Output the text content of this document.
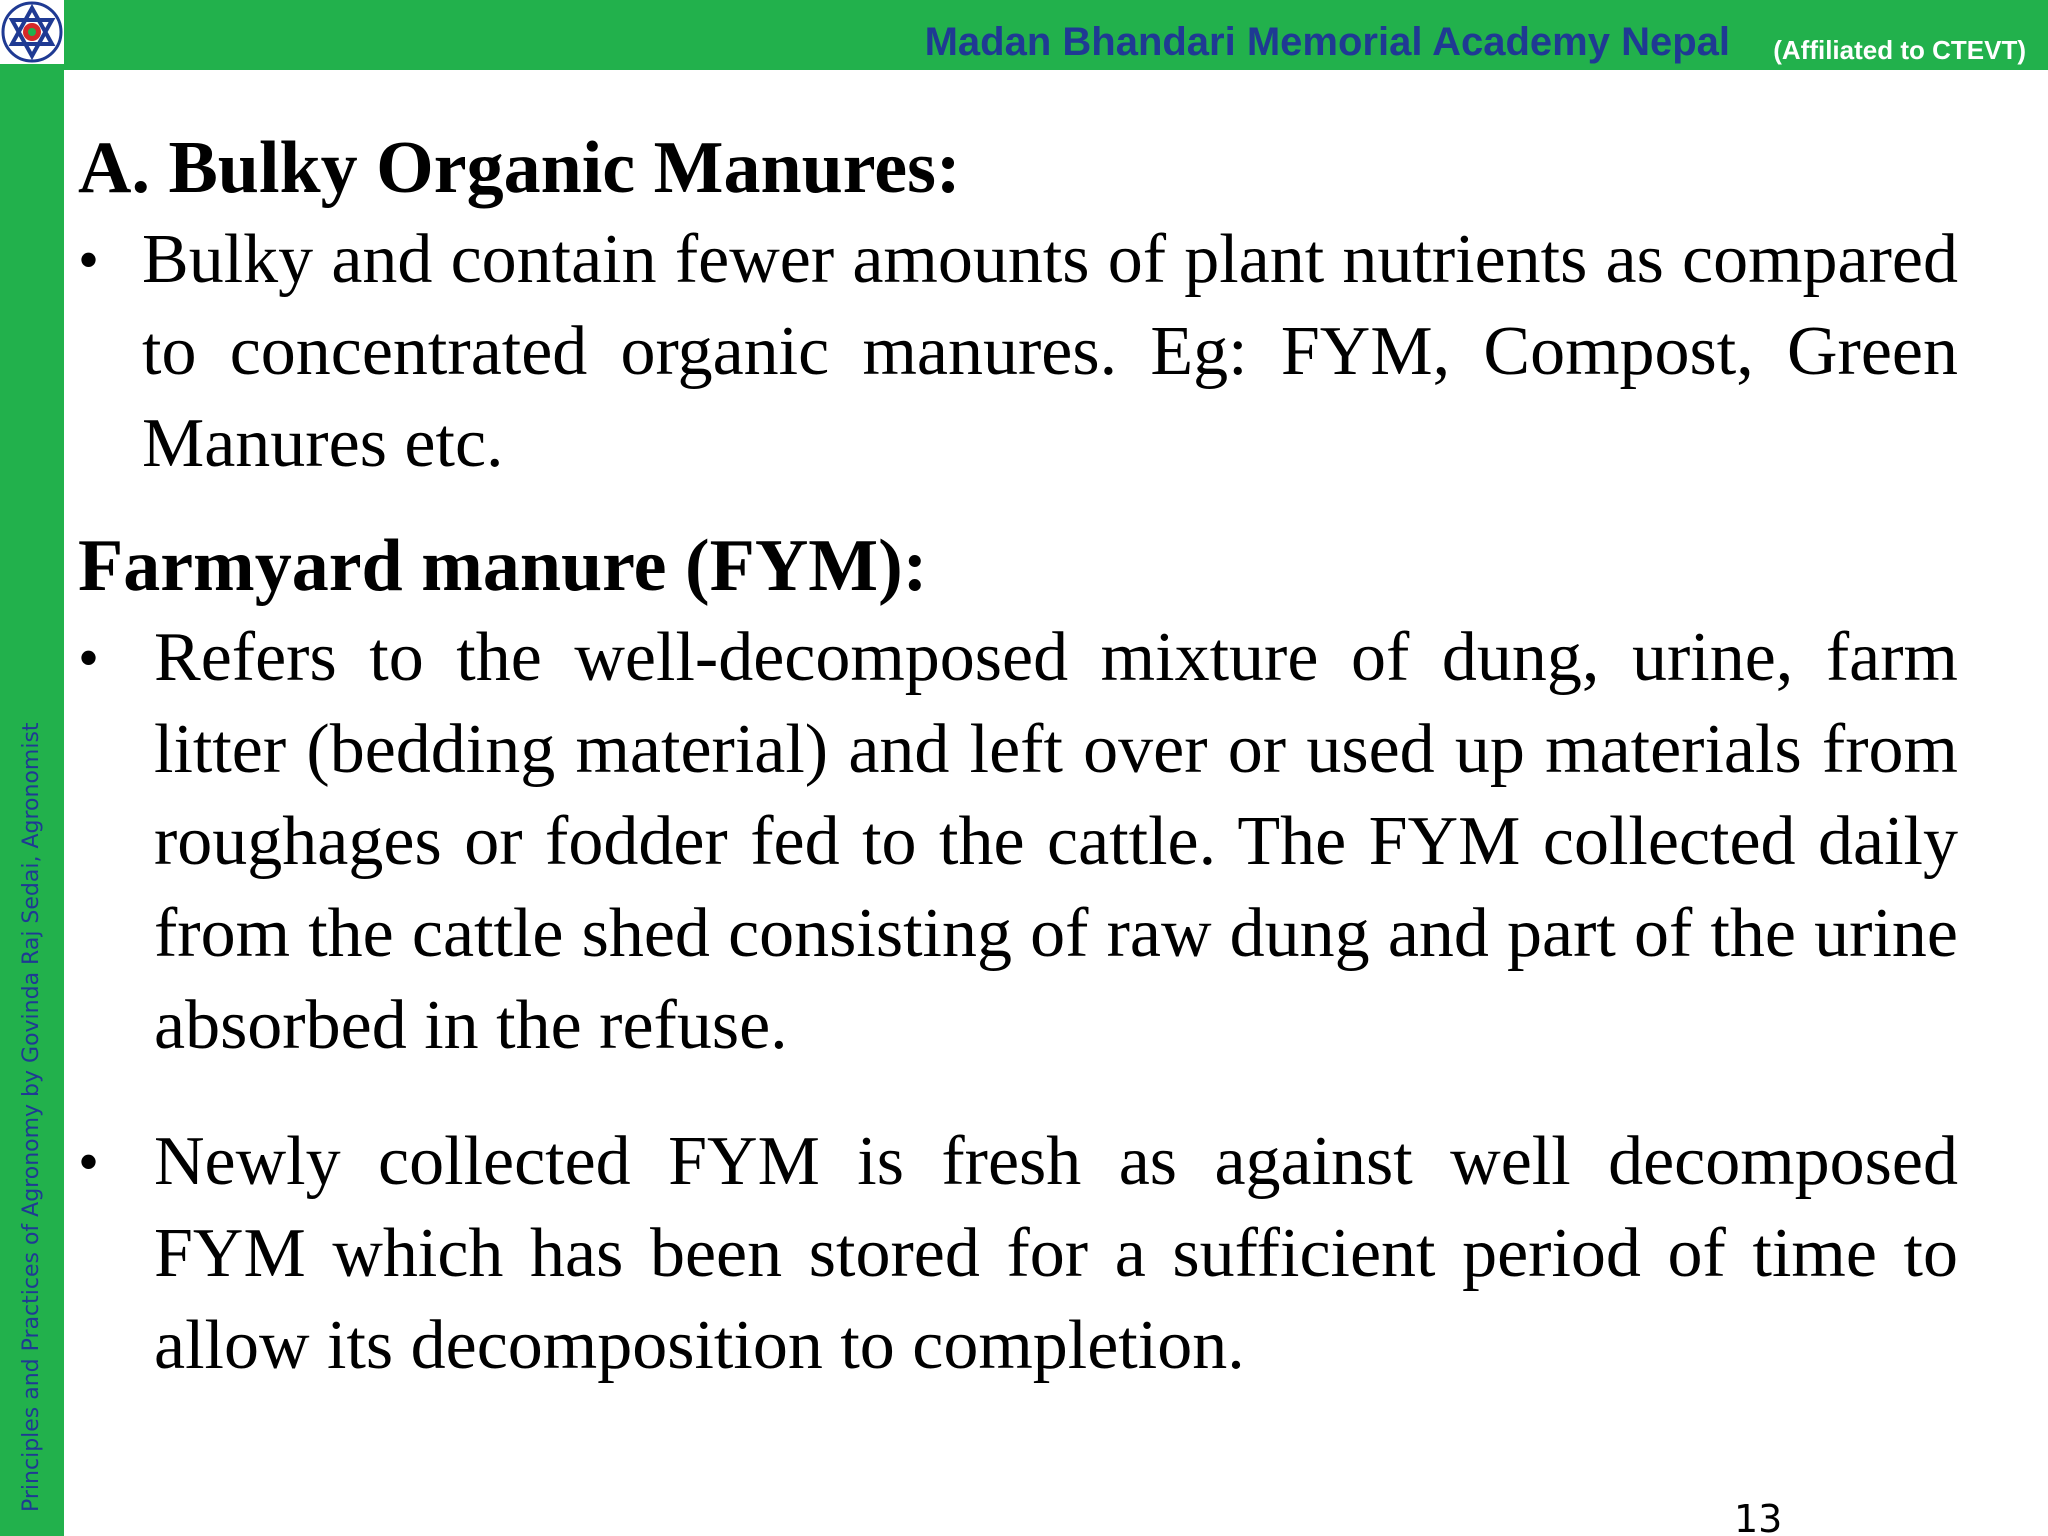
Madan Bhandari Memorial Academy Nepal (Affiliated to CTEVT)
Principles and Practices of Agronomy by Govinda Raj Sedai, Agronomist

A. Bulky Organic Manures:

• Bulky and contain fewer amounts of plant nutrients as compared to concentrated organic manures. Eg: FYM, Compost, Green Manures etc.

Farmyard manure (FYM):

• Refers to the well-decomposed mixture of dung, urine, farm litter (bedding material) and left over or used up materials from roughages or fodder fed to the cattle. The FYM collected daily from the cattle shed consisting of raw dung and part of the urine absorbed in the refuse.

• Newly collected FYM is fresh as against well decomposed FYM which has been stored for a sufficient period of time to allow its decomposition to completion.

13
